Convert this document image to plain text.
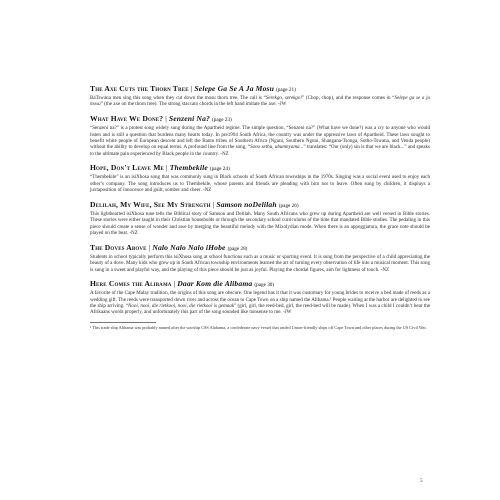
The Axe Cuts the Thorn Tree | Selepe Ga Se A Ja Mosu (page 21)
BaTswana men sing this song when they cut down the mosu thorn tree. The call is “Serekgo, serekgo!” (Chop, chop), and the response comes in “Selepe ga se a ja mosu” (the axe on the thorn tree). The strong staccato chords in the left hand imitate the axe. -JW
What Have We Done? | Senzeni Na? (page 23)
“Senzeni na?” is a protest song widely sung during the Apartheid regime. The simple question, “Senzeni na?” (What have we done?) was a cry to anyone who would listen and is still a question that burdens many hearts today. In pre1994 South Africa, the country was under the oppressive laws of Apartheid. These laws sought to benefit white people of European descent and left the Bantu tribes of Southern Africa (Nguni, Southern Nguni, Shangana-Tsonga, Sotho-Tswana, and Venda people) without the ability to develop on equal terms. A profound line from the song, “Sono sethu, ubumnyama...” translates: “Our (only) sin is that we are black...” and speaks to the ultimate pain experienced by Black people in the country. -NZ
Hope, Don't Leave Me | Thembekile (page 24)
“Thembekile” is an isiXhosa song that was commonly sung in Black schools of South African townships in the 1970s. Singing was a social event used to enjoy each other’s company. The song introduces us to Thembekile, whose parents and friends are pleading with him not to leave. Often sung by children, it displays a juxtaposition of innocence and guilt, somber and cheer. -NZ
Delilah, My Wife, See My Strength | Samson noDelilah (page 26)
This lighthearted isiXhosa tune tells the Biblical story of Samson and Delilah. Many South Africans who grew up during Apartheid are well versed in Bible stories. These stories were either taught in their Christian households or through the secondary school curriculums of the time that mandated Bible studies. The pedaling in this piece should create a sense of wonder and awe by merging the beautiful melody with the Mixolydian mode. When there is an appoggiatura, the grace note should be played on the beat. -NZ
The Doves Above | Nalo Nalo Nalo iHobe (page 28)
Students in school typically perform this isiXhosa song at school functions such as a music or sporting event. It is sung from the perspective of a child appreciating the beauty of a dove. Many kids who grew up in South African township environments learned the art of turning every observation of life into a musical moment. This song is sung in a sweet and playful way, and the playing of this piece should be just as joyful. Playing the chordal figures, aim for lightness of touch. -NZ
Here Comes the Alibama | Daar Kom die Alibama (page 30)
A favorite of the Cape Malay tradition, the origins of this song are obscure. One legend has it that it was customary for young brides to receive a bed made of reeds as a wedding gift. The reeds were transported down river and across the ocean to Cape Town on a ship named the Alibama.¹ People waiting at the harbor are delighted to see the ship arriving. “Nooi, nooi, die rietkooi, nooi, die rietkooi is gemaak” (girl, girl, the reed-bed, girl, the reed-bed will be made). When I was a child I couldn’t hear the Afrikaans words properly, and unfortunately this part of the song sounded like nonsense to me. -JW
¹ This trade ship Alibama was probably named after the warship CSS Alabama, a confederate navy vessel that raided Union-friendly ships off Cape Town and other places during the US Civil War.
5
